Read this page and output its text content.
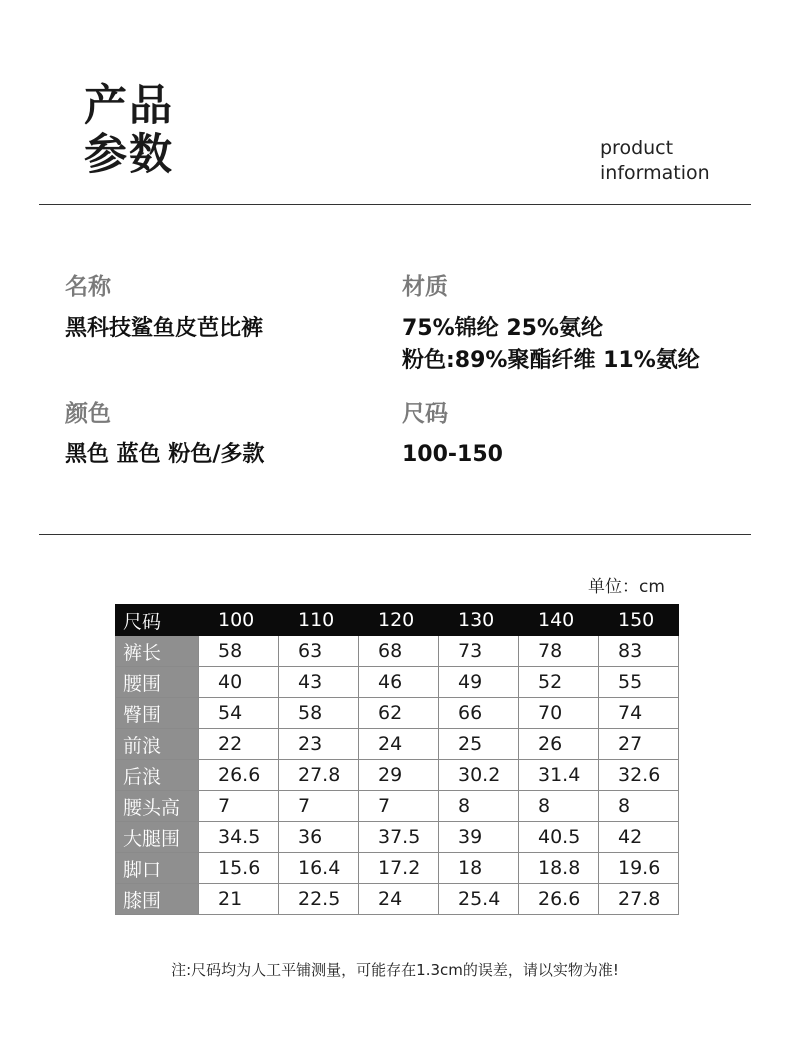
产品
参数	product
information
名称
黑科技鲨鱼皮芭比裤
材质
75%锦纶 25%氨纶
粉色:89%聚酯纤维 11%氨纶
颜色
黑色 蓝色 粉色/多款
尺码
100-150
单位：cm
尺码	100	110	120	130	140	150
裤长	58	63	68	73	78	83
腰围	40	43	46	49	52	55
臀围	54	58	62	66	70	74
前浪	22	23	24	25	26	27
后浪	26.6	27.8	29	30.2	31.4	32.6
腰头高	7	7	7	8	8	8
大腿围	34.5	36	37.5	39	40.5	42
脚口	15.6	16.4	17.2	18	18.8	19.6
膝围	21	22.5	24	25.4	26.6	27.8
注:尺码均为人工平铺测量，可能存在1.3cm的误差，请以实物为准!
